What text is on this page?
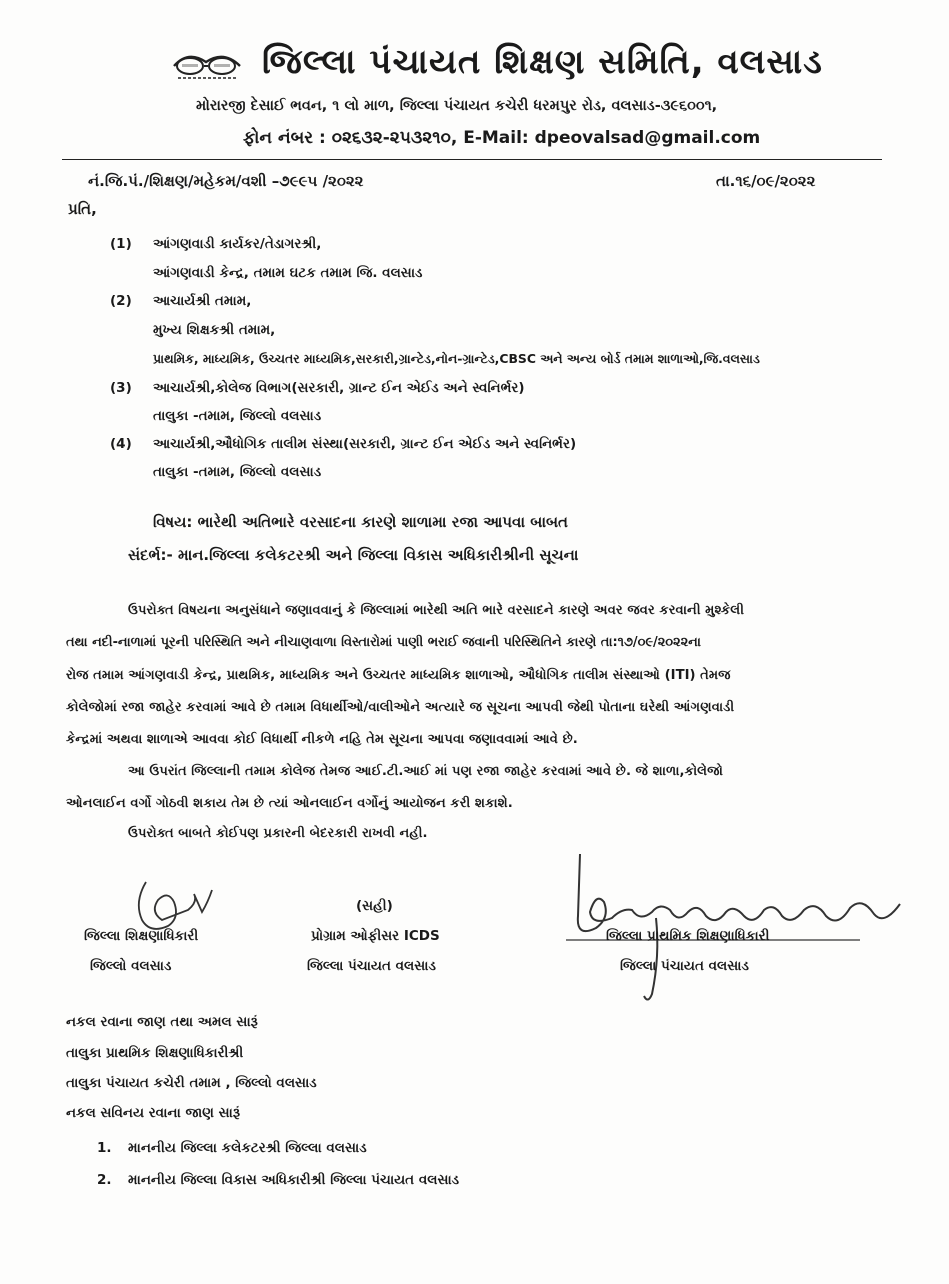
જિલ્લા પંચાયત શિક્ષણ સમિતિ, વલસાડ
મોરારજી દેસાઈ ભવન, ૧ લો માળ, જિલ્લા પંચાયત કચેરી ધરમપુર રોડ, વલસાડ-૩૯૬૦૦૧,
ફોન નંબર : ૦૨૬૩૨-૨૫૩૨૧૦, E-Mail: dpeovalsad@gmail.com
નં.જિ.પં./શિક્ષણ/મહેકમ/વશી –૭૯૯૫ /૨૦૨૨	તા.૧૬/૦૯/૨૦૨૨
પ્રતિ,
(1) આંગણવાડી કાર્યકર/તેડાગરશ્રી,
આંગણવાડી કેન્દ્ર, તમામ ઘટક તમામ જિ. વલસાડ
(2) આચાર્યશ્રી તમામ,
મુખ્ય શિક્ષકશ્રી તમામ,
પ્રાથમિક, માધ્યમિક, ઉચ્ચતર માધ્યમિક,સરકારી,ગ્રાન્ટેડ,નોન-ગ્રાન્ટેડ,CBSC અને અન્ય બોર્ડ તમામ શાળાઓ,જિ.વલસાડ
(3) આચાર્યશ્રી,કોલેજ વિભાગ(સરકારી, ગ્રાન્ટ ઈન એઈડ અને સ્વનિર્ભર)
તાલુકા -તમામ, જિલ્લો વલસાડ
(4) આચાર્યશ્રી,ઔધોગિક તાલીમ સંસ્થા(સરકારી, ગ્રાન્ટ ઈન એઈડ અને સ્વનિર્ભર)
તાલુકા -તમામ, જિલ્લો વલસાડ
વિષય: ભારેથી અતિભારે વરસાદના કારણે શાળામા રજા આપવા બાબત
સંદર્ભ:- માન.જિલ્લા કલેકટરશ્રી અને જિલ્લા વિકાસ અધિકારીશ્રીની સૂચના
ઉપરોક્ત વિષયના અનુસંધાને જણાવવાનું કે જિલ્લામાં ભારેથી અતિ ભારે વરસાદને કારણે અવર જવર કરવાની મુશ્કેલી
તથા નદી-નાળામાં પૂરની પરિસ્થિતિ અને નીચાણવાળા વિસ્તારોમાં પાણી ભરાઈ જવાની પરિસ્થિતિને કારણે તા:૧૭/૦૯/૨૦૨૨ના
રોજ તમામ આંગણવાડી કેન્દ્ર, પ્રાથમિક, માધ્યમિક અને ઉચ્ચતર માધ્યમિક શાળાઓ, ઔધોગિક તાલીમ સંસ્થાઓ (ITI) તેમજ
કોલેજોમાં રજા જાહેર કરવામાં આવે છે તમામ વિધાર્થીઓ/વાલીઓને અત્યારે જ સૂચના આપવી જેથી પોતાના ઘરેથી આંગણવાડી
કેન્દ્રમાં અથવા શાળાએ આવવા કોઈ વિધાર્થી નીકળે નહિ તેમ સૂચના આપવા જણાવવામાં આવે છે.
આ ઉપરાંત જિલ્લાની તમામ કોલેજ તેમજ આઈ.ટી.આઈ માં પણ રજા જાહેર કરવામાં આવે છે. જે શાળા,કોલેજો
ઓનલાઈન વર્ગો ગોઠવી શકાય તેમ છે ત્યાં ઓનલાઈન વર્ગોનું આયોજન કરી શકાશે.
ઉપરોક્ત બાબતે કોઈપણ પ્રકારની બેદરકારી રાખવી નહી.
જિલ્લા શિક્ષણાધિકારી
જિલ્લો વલસાડ
(સહી)
પ્રોગ્રામ ઓફીસર ICDS
જિલ્લા પંચાયત વલસાડ
જિલ્લા પ્રાથમિક શિક્ષણાધિકારી
જિલ્લા પંચાયત વલસાડ
નકલ રવાના જાણ તથા અમલ સારૂં
તાલુકા પ્રાથમિક શિક્ષણાધિકારીશ્રી
તાલુકા પંચાયત કચેરી તમામ , જિલ્લો વલસાડ
નકલ સવિનય રવાના જાણ સારૂં
1. માનનીય જિલ્લા કલેકટરશ્રી જિલ્લા વલસાડ
2. માનનીય જિલ્લા વિકાસ અધિકારીશ્રી જિલ્લા પંચાયત વલસાડ
